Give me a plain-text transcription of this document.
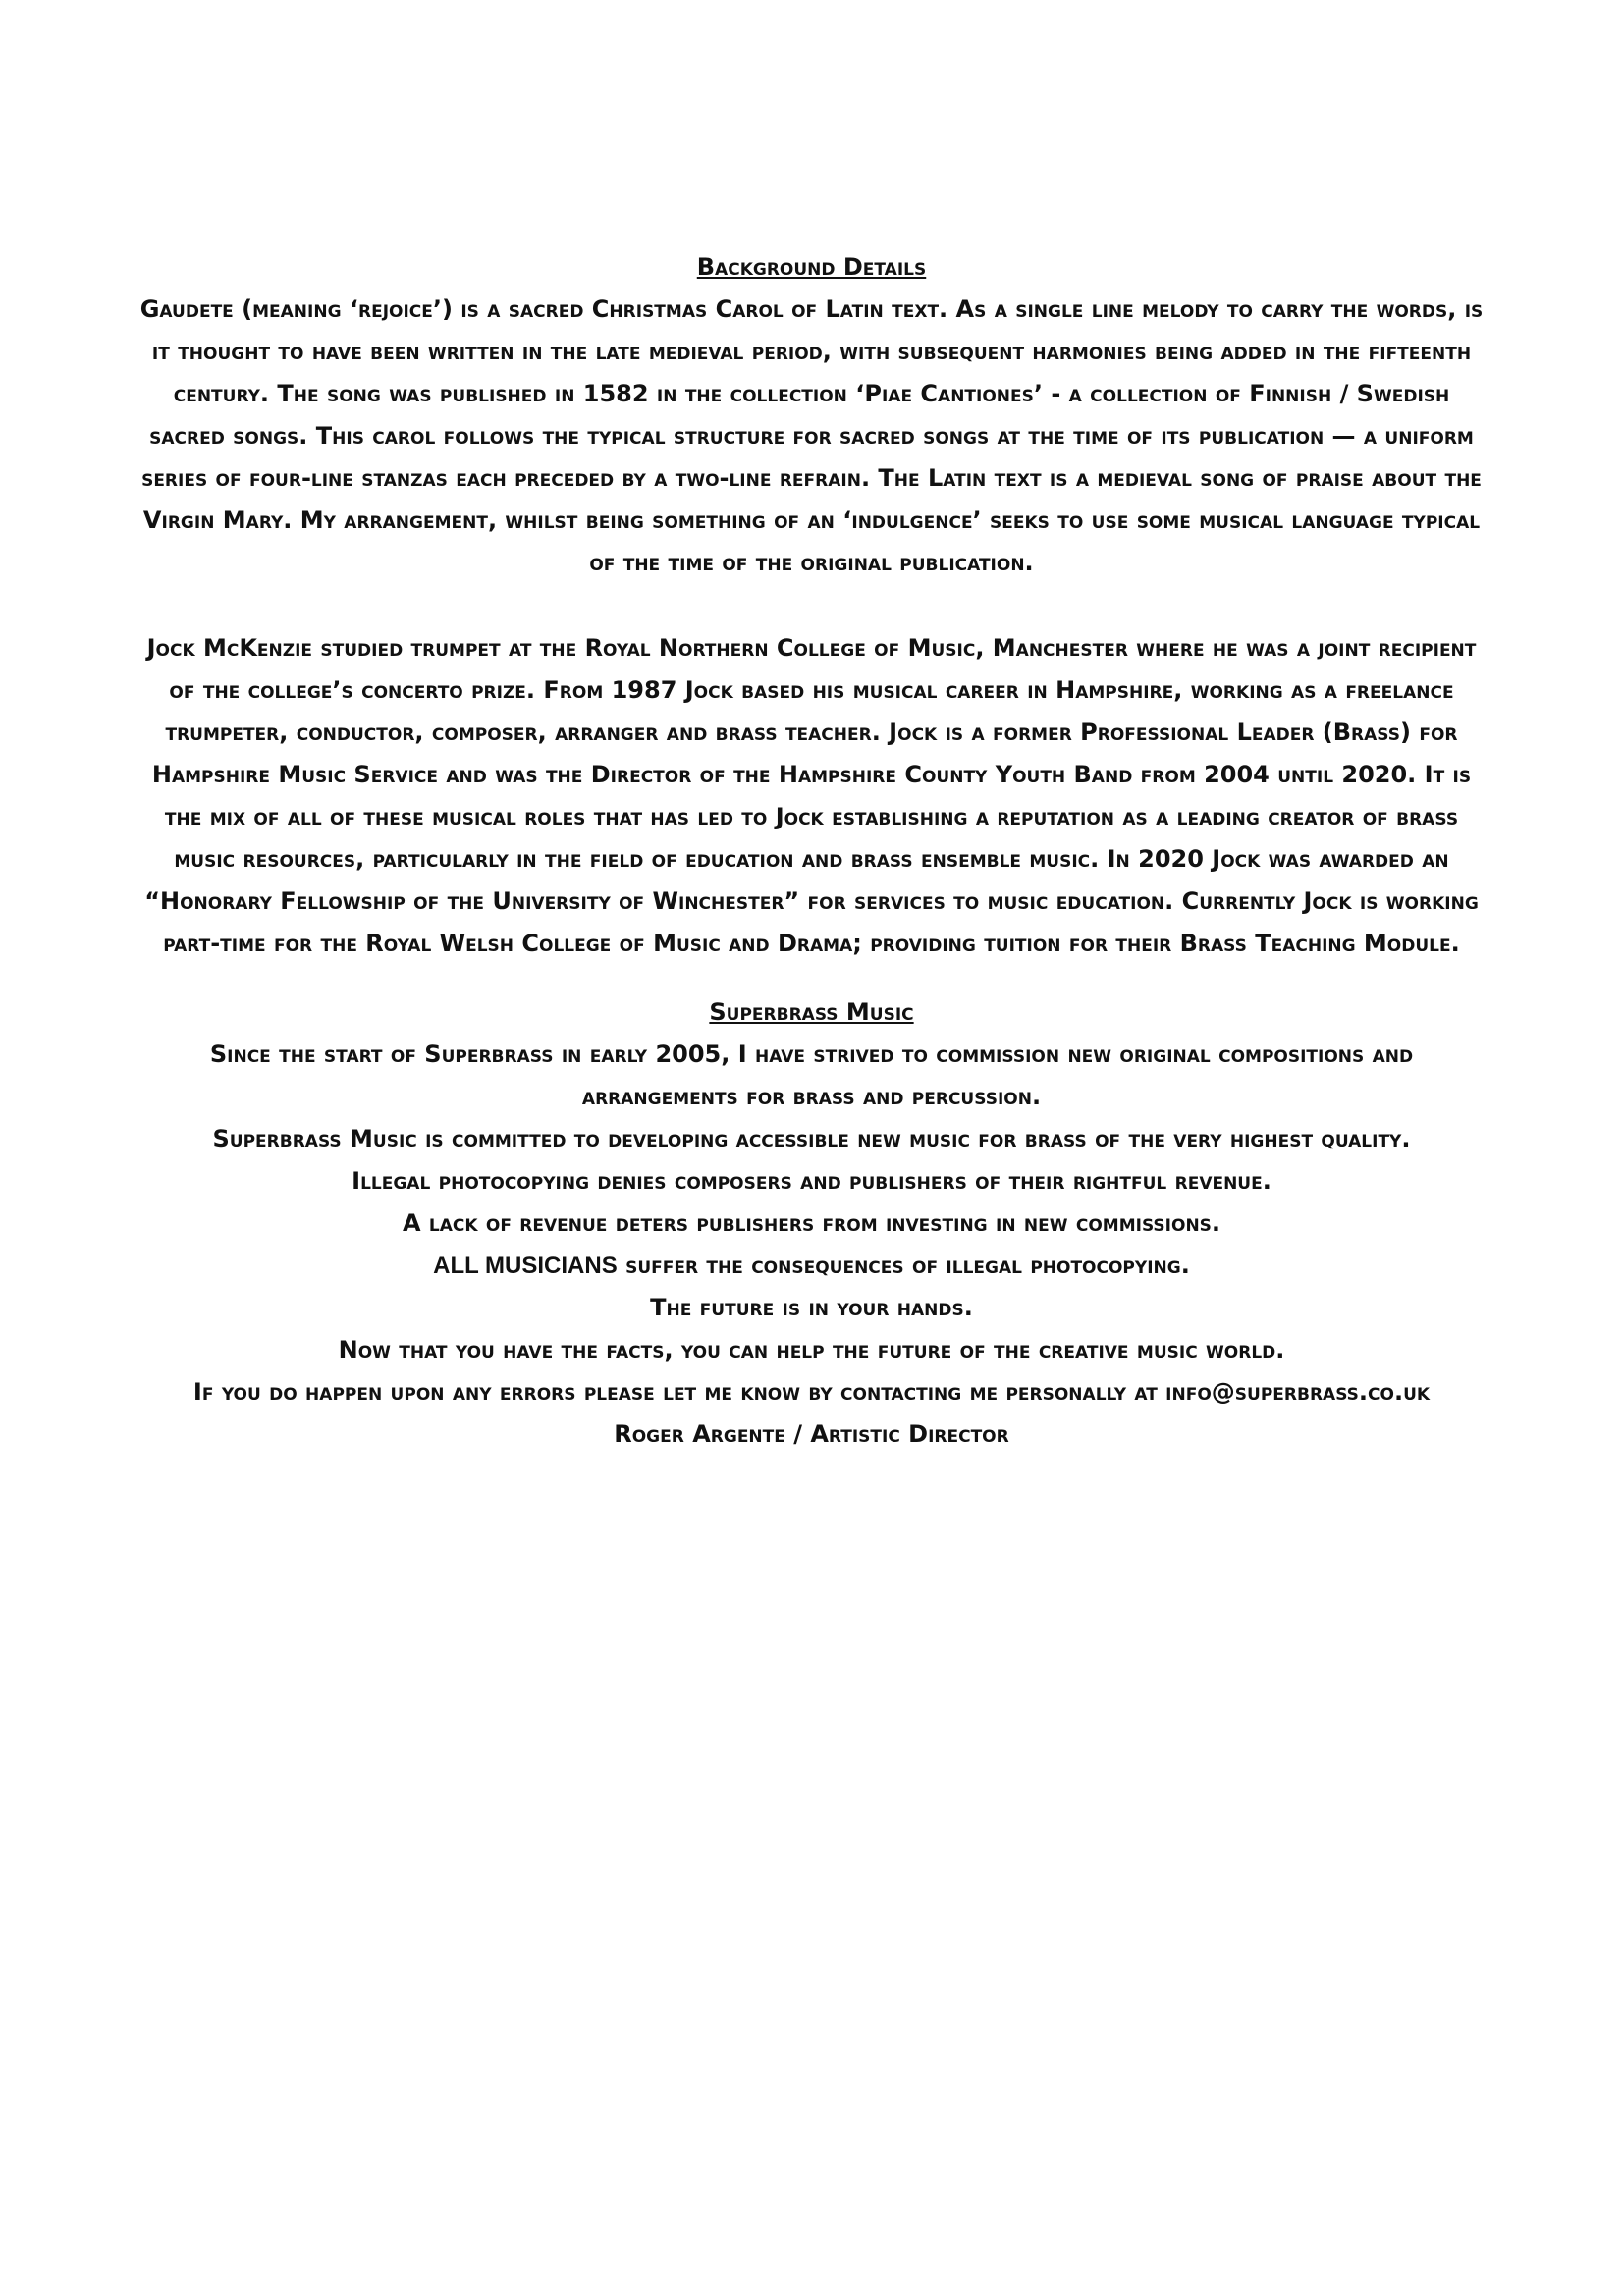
Background Details

Gaudete (meaning ‘rejoice’) is a sacred Christmas Carol of Latin text. As a single line melody to carry the words, is it thought to have been written in the late medieval period, with subsequent harmonies being added in the fifteenth century. The song was published in 1582 in the collection ‘Piae Cantiones’ - a collection of Finnish / Swedish sacred songs. This carol follows the typical structure for sacred songs at the time of its publication — a uniform series of four-line stanzas each preceded by a two-line refrain. The Latin text is a medieval song of praise about the Virgin Mary. My arrangement, whilst being something of an ‘indulgence’ seeks to use some musical language typical of the time of the original publication.

Jock McKenzie studied trumpet at the Royal Northern College of Music, Manchester where he was a joint recipient of the college’s concerto prize. From 1987 Jock based his musical career in Hampshire, working as a freelance trumpeter, conductor, composer, arranger and brass teacher. Jock is a former Professional Leader (Brass) for Hampshire Music Service and was the Director of the Hampshire County Youth Band from 2004 until 2020. It is the mix of all of these musical roles that has led to Jock establishing a reputation as a leading creator of brass music resources, particularly in the field of education and brass ensemble music. In 2020 Jock was awarded an “Honorary Fellowship of the University of Winchester” for services to music education. Currently Jock is working part-time for the Royal Welsh College of Music and Drama; providing tuition for their Brass Teaching Module.

Superbrass Music

Since the start of Superbrass in early 2005, I have strived to commission new original compositions and arrangements for brass and percussion.

Superbrass Music is committed to developing accessible new music for brass of the very highest quality.

Illegal photocopying denies composers and publishers of their rightful revenue.

A lack of revenue deters publishers from investing in new commissions.

ALL MUSICIANS suffer the consequences of illegal photocopying.

The future is in your hands.

Now that you have the facts, you can help the future of the creative music world.

If you do happen upon any errors please let me know by contacting me personally at info@superbrass.co.uk

Roger Argente / Artistic Director
